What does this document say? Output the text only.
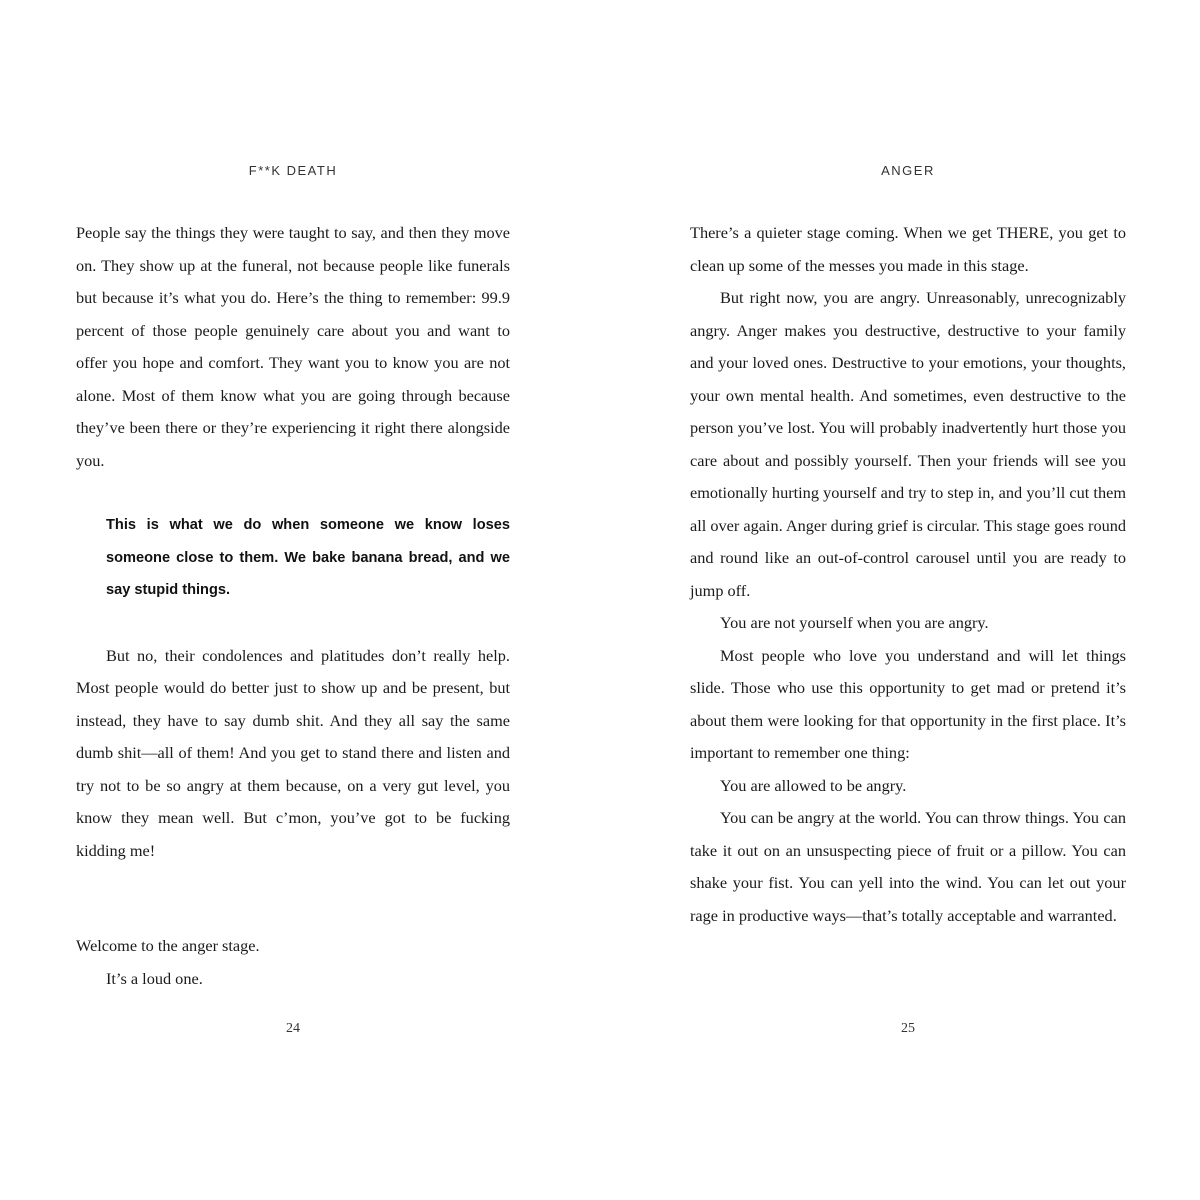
F**K DEATH

People say the things they were taught to say, and then they move on. They show up at the funeral, not because people like funerals but because it’s what you do. Here’s the thing to remember: 99.9 percent of those people genuinely care about you and want to offer you hope and comfort. They want you to know you are not alone. Most of them know what you are going through because they’ve been there or they’re experiencing it right there alongside you.

This is what we do when someone we know loses someone close to them. We bake banana bread, and we say stupid things.

But no, their condolences and platitudes don’t really help. Most people would do better just to show up and be present, but instead, they have to say dumb shit. And they all say the same dumb shit—all of them! And you get to stand there and listen and try not to be so angry at them because, on a very gut level, you know they mean well. But c’mon, you’ve got to be fucking kidding me!

Welcome to the anger stage.

It’s a loud one.

24
ANGER

There’s a quieter stage coming. When we get THERE, you get to clean up some of the messes you made in this stage.

But right now, you are angry. Unreasonably, unrecognizably angry. Anger makes you destructive, destructive to your family and your loved ones. Destructive to your emotions, your thoughts, your own mental health. And sometimes, even destructive to the person you’ve lost. You will probably inadvertently hurt those you care about and possibly yourself. Then your friends will see you emotionally hurting yourself and try to step in, and you’ll cut them all over again. Anger during grief is circular. This stage goes round and round like an out-of-control carousel until you are ready to jump off.

You are not yourself when you are angry.

Most people who love you understand and will let things slide. Those who use this opportunity to get mad or pretend it’s about them were looking for that opportunity in the first place. It’s important to remember one thing:

You are allowed to be angry.

You can be angry at the world. You can throw things. You can take it out on an unsuspecting piece of fruit or a pillow. You can shake your fist. You can yell into the wind. You can let out your rage in productive ways—that’s totally acceptable and warranted.

25
